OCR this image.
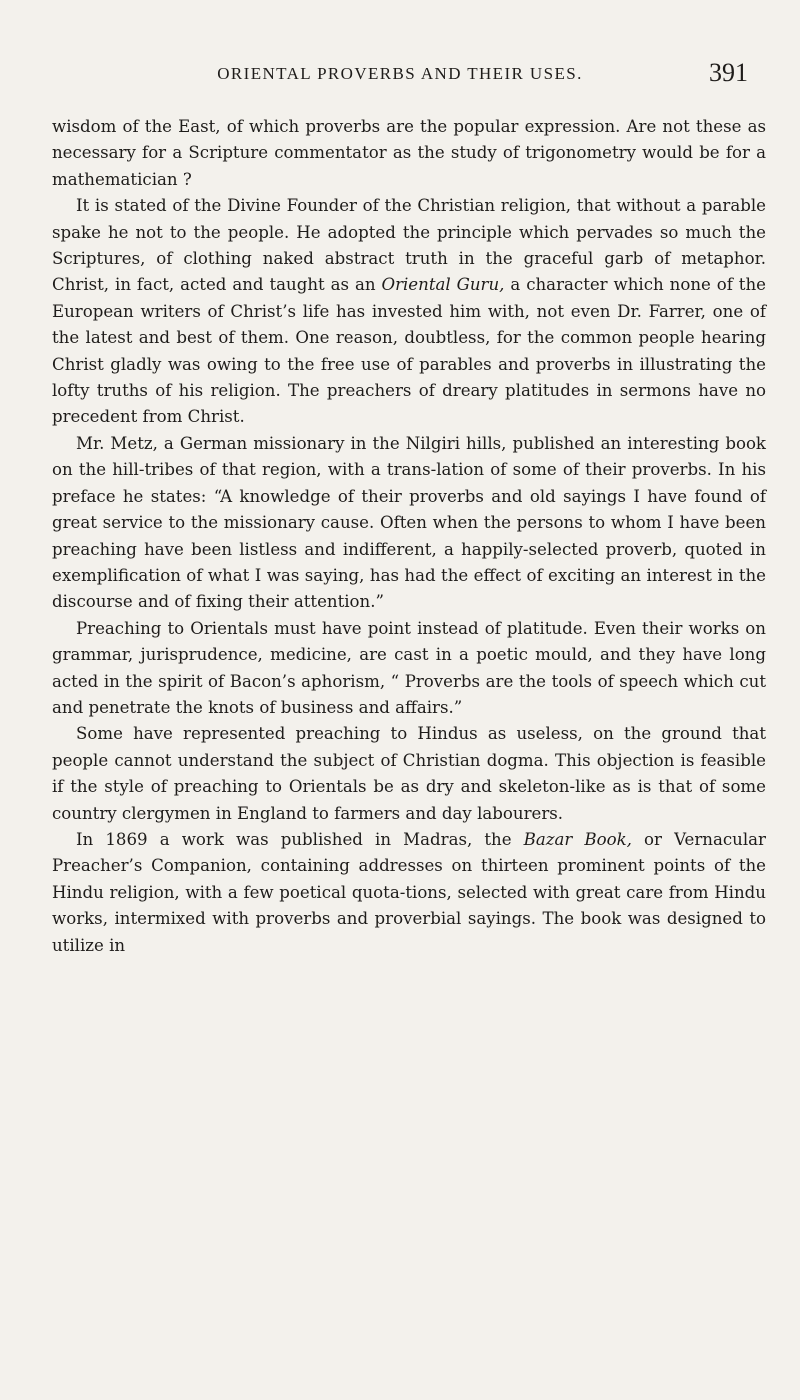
ORIENTAL PROVERBS AND THEIR USES.	391

wisdom of the East, of which proverbs are the popular expression. Are not these as necessary for a Scripture commentator as the study of trigonometry would be for a mathematician ?

It is stated of the Divine Founder of the Christian religion, that without a parable spake he not to the people. He adopted the principle which pervades so much the Scriptures, of clothing naked abstract truth in the graceful garb of metaphor. Christ, in fact, acted and taught as an Oriental Guru, a character which none of the European writers of Christ’s life has invested him with, not even Dr. Farrer, one of the latest and best of them. One reason, doubtless, for the common people hearing Christ gladly was owing to the free use of parables and proverbs in illustrating the lofty truths of his religion. The preachers of dreary platitudes in sermons have no precedent from Christ.

Mr. Metz, a German missionary in the Nilgiri hills, published an interesting book on the hill-tribes of that region, with a trans-lation of some of their proverbs. In his preface he states: “A knowledge of their proverbs and old sayings I have found of great service to the missionary cause. Often when the persons to whom I have been preaching have been listless and indifferent, a happily-selected proverb, quoted in exemplification of what I was saying, has had the effect of exciting an interest in the discourse and of fixing their attention.”

Preaching to Orientals must have point instead of platitude. Even their works on grammar, jurisprudence, medicine, are cast in a poetic mould, and they have long acted in the spirit of Bacon’s aphorism, “ Proverbs are the tools of speech which cut and penetrate the knots of business and affairs.”

Some have represented preaching to Hindus as useless, on the ground that people cannot understand the subject of Christian dogma. This objection is feasible if the style of preaching to Orientals be as dry and skeleton-like as is that of some country clergymen in England to farmers and day labourers.

In 1869 a work was published in Madras, the Bazar Book, or Vernacular Preacher’s Companion, containing addresses on thirteen prominent points of the Hindu religion, with a few poetical quota-tions, selected with great care from Hindu works, intermixed with proverbs and proverbial sayings. The book was designed to utilize in
